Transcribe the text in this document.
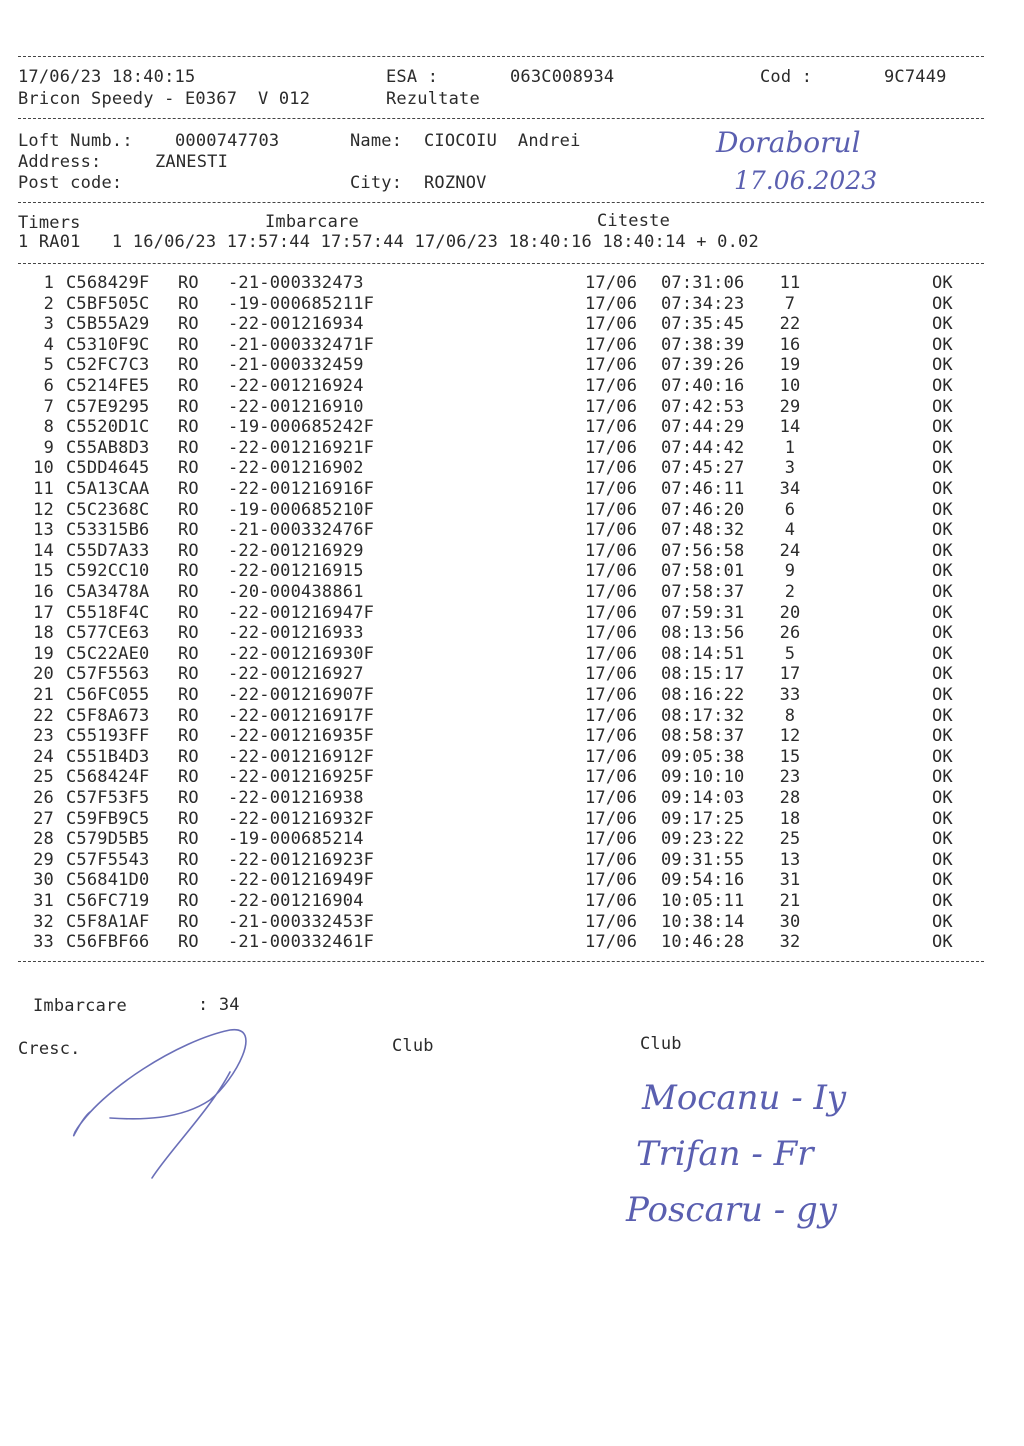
17/06/23 18:40:15	ESA :	063C008934	Cod :	9C7449
Bricon Speedy - E0367  V 012	Rezultate
Loft Numb.: 0000747703	Name: CIOCOIU  Andrei
Address:	ZANESTI
Post code:	City: ROZNOV
Doraborul
17.06.2023
Timers	Imbarcare	Citeste
1 RA01   1 16/06/23 17:57:44 17:57:44 17/06/23 18:40:16 18:40:14 + 0.02
1 C568429F RO -21-000332473	17/06 07:31:06	11	OK
2 C5BF505C RO -19-000685211F	17/06 07:34:23	7	OK
3 C5B55A29 RO -22-001216934	17/06 07:35:45	22	OK
4 C5310F9C RO -21-000332471F	17/06 07:38:39	16	OK
5 C52FC7C3 RO -21-000332459	17/06 07:39:26	19	OK
6 C5214FE5 RO -22-001216924	17/06 07:40:16	10	OK
7 C57E9295 RO -22-001216910	17/06 07:42:53	29	OK
8 C5520D1C RO -19-000685242F	17/06 07:44:29	14	OK
9 C55AB8D3 RO -22-001216921F	17/06 07:44:42	1	OK
10 C5DD4645 RO -22-001216902	17/06 07:45:27	3	OK
11 C5A13CAA RO -22-001216916F	17/06 07:46:11	34	OK
12 C5C2368C RO -19-000685210F	17/06 07:46:20	6	OK
13 C53315B6 RO -21-000332476F	17/06 07:48:32	4	OK
14 C55D7A33 RO -22-001216929	17/06 07:56:58	24	OK
15 C592CC10 RO -22-001216915	17/06 07:58:01	9	OK
16 C5A3478A RO -20-000438861	17/06 07:58:37	2	OK
17 C5518F4C RO -22-001216947F	17/06 07:59:31	20	OK
18 C577CE63 RO -22-001216933	17/06 08:13:56	26	OK
19 C5C22AE0 RO -22-001216930F	17/06 08:14:51	5	OK
20 C57F5563 RO -22-001216927	17/06 08:15:17	17	OK
21 C56FC055 RO -22-001216907F	17/06 08:16:22	33	OK
22 C5F8A673 RO -22-001216917F	17/06 08:17:32	8	OK
23 C55193FF RO -22-001216935F	17/06 08:58:37	12	OK
24 C551B4D3 RO -22-001216912F	17/06 09:05:38	15	OK
25 C568424F RO -22-001216925F	17/06 09:10:10	23	OK
26 C57F53F5 RO -22-001216938	17/06 09:14:03	28	OK
27 C59FB9C5 RO -22-001216932F	17/06 09:17:25	18	OK
28 C579D5B5 RO -19-000685214	17/06 09:23:22	25	OK
29 C57F5543 RO -22-001216923F	17/06 09:31:55	13	OK
30 C56841D0 RO -22-001216949F	17/06 09:54:16	31	OK
31 C56FC719 RO -22-001216904	17/06 10:05:11	21	OK
32 C5F8A1AF RO -21-000332453F	17/06 10:38:14	30	OK
33 C56FBF66 RO -21-000332461F	17/06 10:46:28	32	OK
Imbarcare	: 34
Cresc.	Club	Club
Mocanu - Iy
Trifan - Fr
Poscaru - gy
